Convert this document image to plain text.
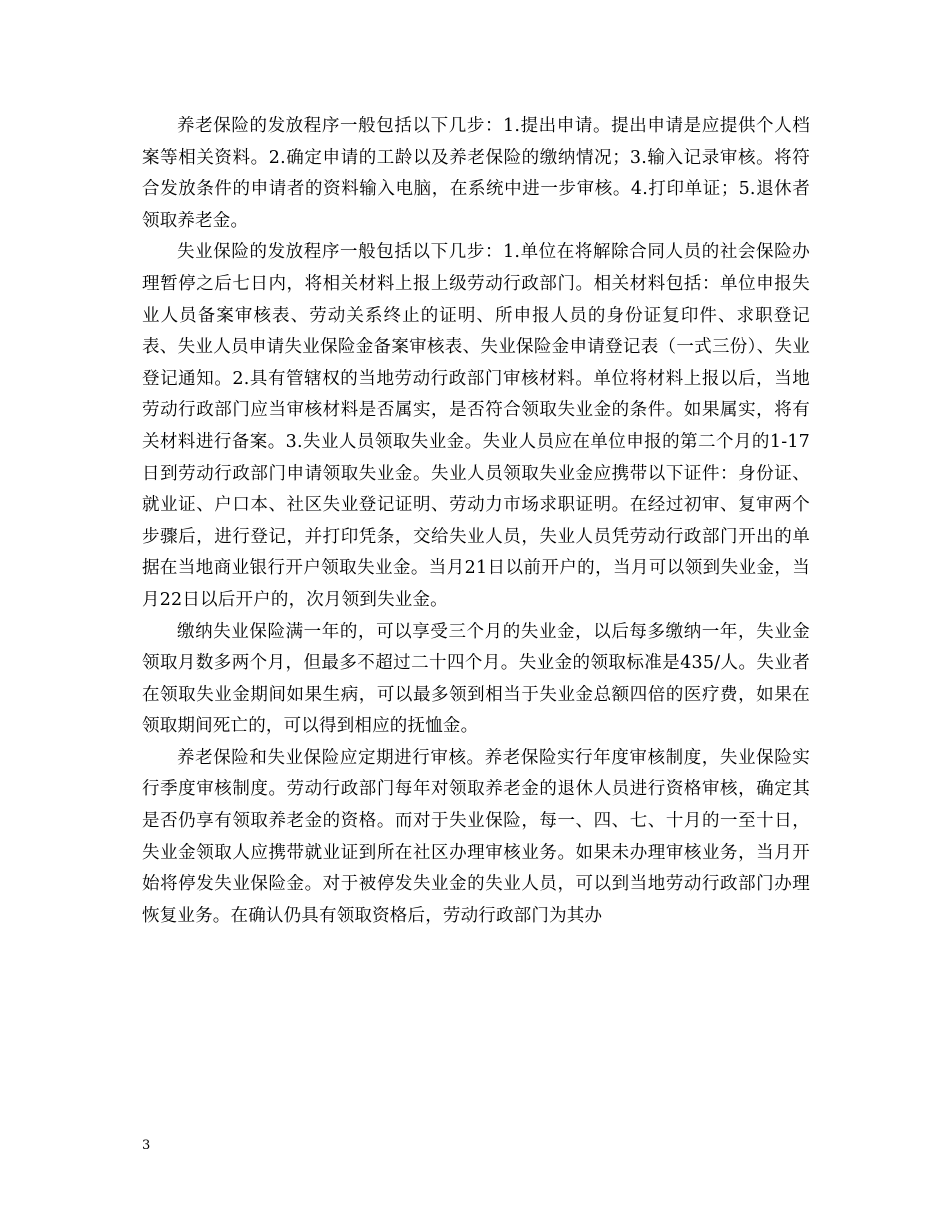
养老保险的发放程序一般包括以下几步：1.提出申请。提出申请是应提供个人档案等相关资料。2.确定申请的工龄以及养老保险的缴纳情况；3.输入记录审核。将符合发放条件的申请者的资料输入电脑，在系统中进一步审核。4.打印单证；5.退休者领取养老金。

失业保险的发放程序一般包括以下几步：1.单位在将解除合同人员的社会保险办理暂停之后七日内，将相关材料上报上级劳动行政部门。相关材料包括：单位申报失业人员备案审核表、劳动关系终止的证明、所申报人员的身份证复印件、求职登记表、失业人员申请失业保险金备案审核表、失业保险金申请登记表（一式三份）、失业登记通知。2.具有管辖权的当地劳动行政部门审核材料。单位将材料上报以后，当地劳动行政部门应当审核材料是否属实，是否符合领取失业金的条件。如果属实，将有关材料进行备案。3.失业人员领取失业金。失业人员应在单位申报的第二个月的1-17日到劳动行政部门申请领取失业金。失业人员领取失业金应携带以下证件：身份证、就业证、户口本、社区失业登记证明、劳动力市场求职证明。在经过初审、复审两个步骤后，进行登记，并打印凭条，交给失业人员，失业人员凭劳动行政部门开出的单据在当地商业银行开户领取失业金。当月21日以前开户的，当月可以领到失业金，当月22日以后开户的，次月领到失业金。

缴纳失业保险满一年的，可以享受三个月的失业金，以后每多缴纳一年，失业金领取月数多两个月，但最多不超过二十四个月。失业金的领取标准是435/人。失业者在领取失业金期间如果生病，可以最多领到相当于失业金总额四倍的医疗费，如果在领取期间死亡的，可以得到相应的抚恤金。

养老保险和失业保险应定期进行审核。养老保险实行年度审核制度，失业保险实行季度审核制度。劳动行政部门每年对领取养老金的退休人员进行资格审核，确定其是否仍享有领取养老金的资格。而对于失业保险，每一、四、七、十月的一至十日，失业金领取人应携带就业证到所在社区办理审核业务。如果未办理审核业务，当月开始将停发失业保险金。对于被停发失业金的失业人员，可以到当地劳动行政部门办理恢复业务。在确认仍具有领取资格后，劳动行政部门为其办

3
